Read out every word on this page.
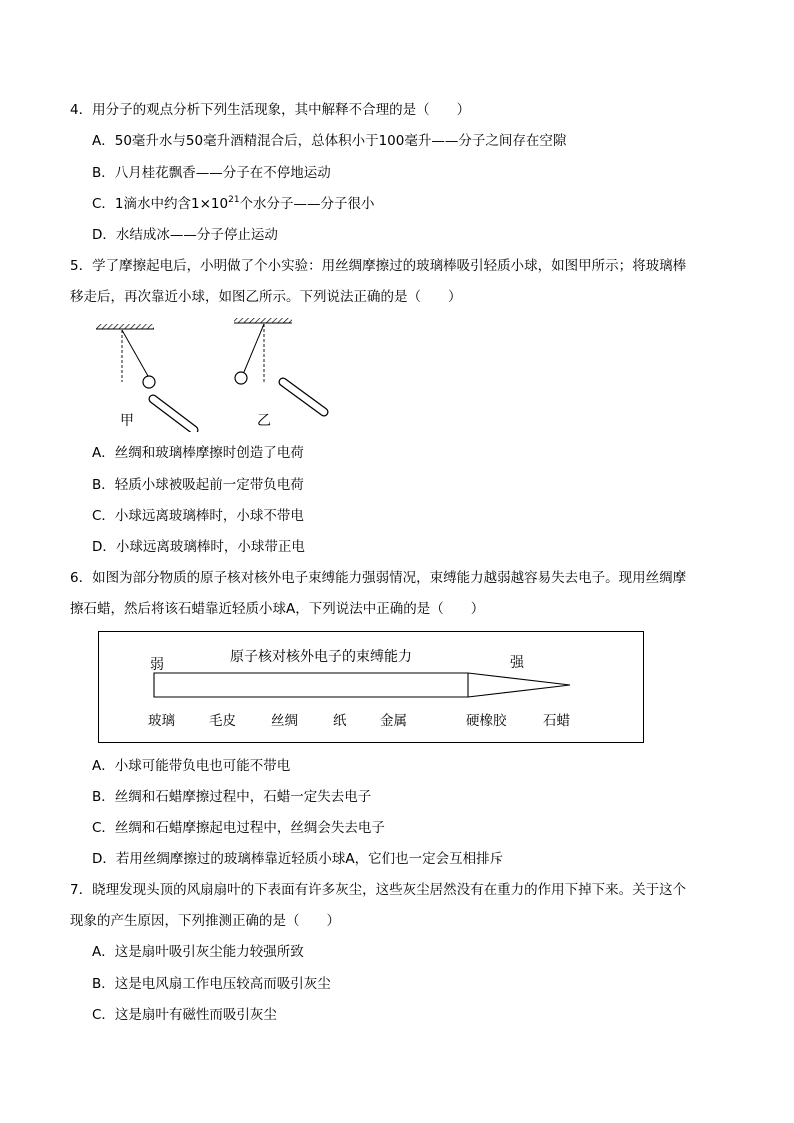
4．用分子的观点分析下列生活现象，其中解释不合理的是（　　）
A．50毫升水与50毫升酒精混合后，总体积小于100毫升——分子之间存在空隙
B．八月桂花飘香——分子在不停地运动
C．1滴水中约含$1\times 10^{21}$个水分子——分子很小
D．水结成冰——分子停止运动
5．学了摩擦起电后，小明做了个小实验：用丝绸摩擦过的玻璃棒吸引轻质小球，如图甲所示；将玻璃棒
移走后，再次靠近小球，如图乙所示。下列说法正确的是（　　）
甲	乙
A．丝绸和玻璃棒摩擦时创造了电荷
B．轻质小球被吸起前一定带负电荷
C．小球远离玻璃棒时，小球不带电
D．小球远离玻璃棒时，小球带正电
6．如图为部分物质的原子核对核外电子束缚能力强弱情况，束缚能力越弱越容易失去电子。现用丝绸摩
擦石蜡，然后将该石蜡靠近轻质小球A，下列说法中正确的是（　　）
原子核对核外电子的束缚能力
弱	强
玻璃	毛皮	丝绸	纸 金属	硬橡胶	石蜡
A．小球可能带负电也可能不带电
B．丝绸和石蜡摩擦过程中，石蜡一定失去电子
C．丝绸和石蜡摩擦起电过程中，丝绸会失去电子
D．若用丝绸摩擦过的玻璃棒靠近轻质小球A，它们也一定会互相排斥
7．晓理发现头顶的风扇扇叶的下表面有许多灰尘，这些灰尘居然没有在重力的作用下掉下来。关于这个
现象的产生原因，下列推测正确的是（　　）
A．这是扇叶吸引灰尘能力较强所致
B．这是电风扇工作电压较高而吸引灰尘
C．这是扇叶有磁性而吸引灰尘
